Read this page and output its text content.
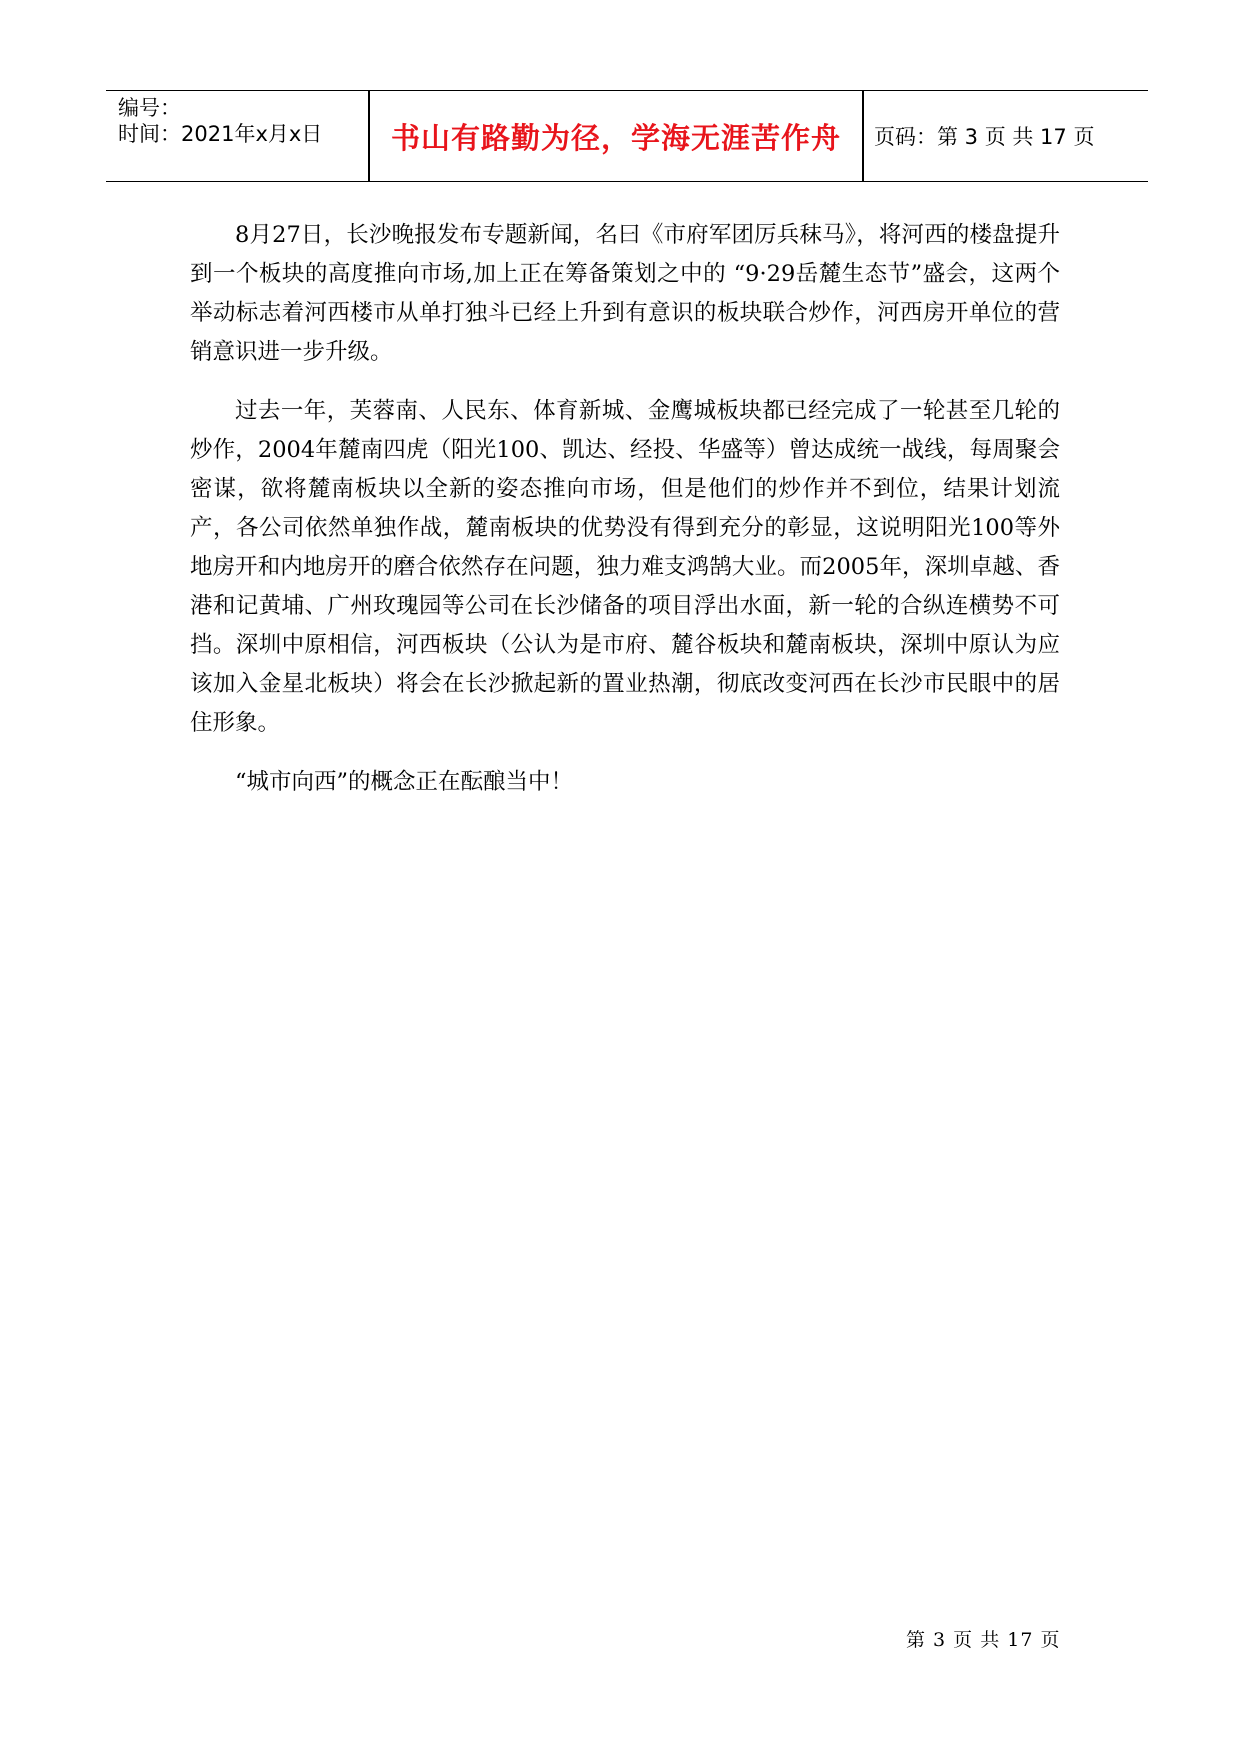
编号：
时间：2021年x月x日	书山有路勤为径，学海无涯苦作舟	页码：第 3 页 共 17 页

8月27日，长沙晚报发布专题新闻，名曰《市府军团厉兵秣马》，将河西的楼盘提升到一个板块的高度推向市场,加上正在筹备策划之中的 “9·29岳麓生态节”盛会，这两个举动标志着河西楼市从单打独斗已经上升到有意识的板块联合炒作，河西房开单位的营销意识进一步升级。

过去一年，芙蓉南、人民东、体育新城、金鹰城板块都已经完成了一轮甚至几轮的炒作，2004年麓南四虎（阳光100、凯达、经投、华盛等）曾达成统一战线，每周聚会密谋，欲将麓南板块以全新的姿态推向市场，但是他们的炒作并不到位，结果计划流产，各公司依然单独作战，麓南板块的优势没有得到充分的彰显，这说明阳光100等外地房开和内地房开的磨合依然存在问题，独力难支鸿鹄大业。而2005年，深圳卓越、香港和记黄埔、广州玫瑰园等公司在长沙储备的项目浮出水面，新一轮的合纵连横势不可挡。深圳中原相信，河西板块（公认为是市府、麓谷板块和麓南板块，深圳中原认为应该加入金星北板块）将会在长沙掀起新的置业热潮，彻底改变河西在长沙市民眼中的居住形象。

“城市向西”的概念正在酝酿当中！

第 3 页 共 17 页
